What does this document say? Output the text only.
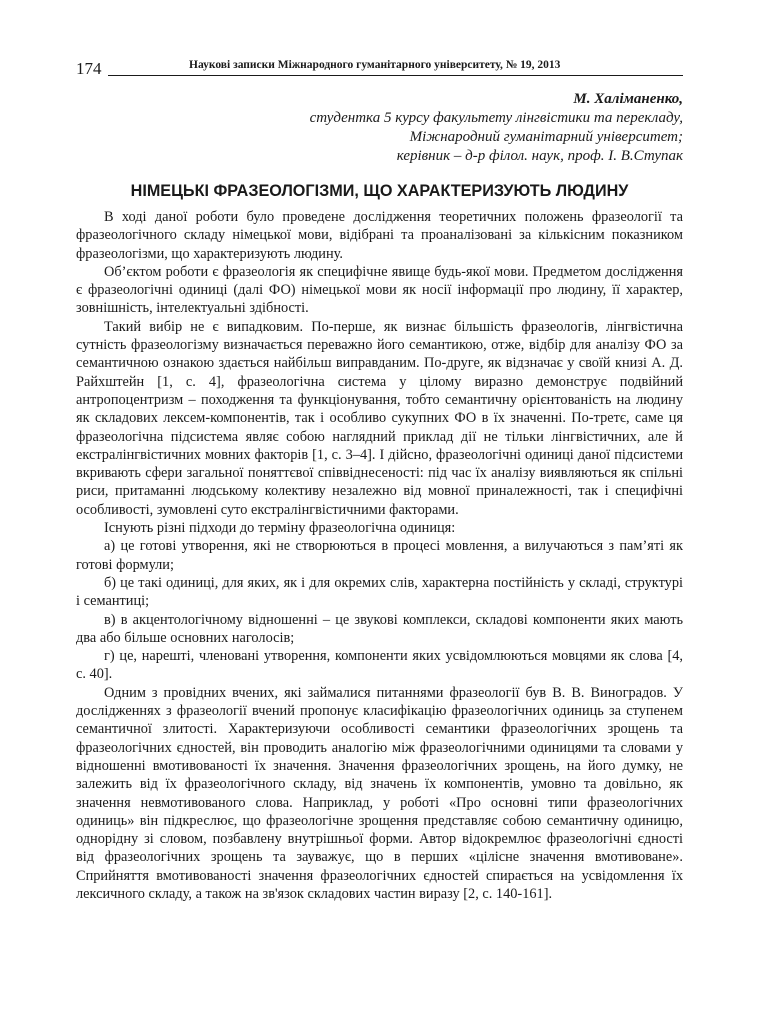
174	Наукові записки Міжнародного гуманітарного університету, № 19, 2013
М. Халіманенко,
студентка 5 курсу факультету лінгвістики та перекладу,
Міжнародний гуманітарний університет;
керівник – д-р філол. наук, проф. І. В.Ступак
НІМЕЦЬКІ ФРАЗЕОЛОГІЗМИ, ЩО ХАРАКТЕРИЗУЮТЬ ЛЮДИНУ

В ході даної роботи було проведене дослідження теоретичних положень фразеології та фразеологічного складу німецької мови, відібрані та проаналізовані за кількісним показником фразеологізми, що характеризують людину.

Об’єктом роботи є фразеологія як специфічне явище будь-якої мови. Предметом дослідження є фразеологічні одиниці (далі ФО) німецької мови як носії інформації про людину, її характер, зовнішність, інтелектуальні здібності.

Такий вибір не є випадковим. По-перше, як визнає більшість фразеологів, лінгвістична сутність фразеологізму визначається переважно його семантикою, отже, відбір для аналізу ФО за семантичною ознакою здається найбільш виправданим. По-друге, як відзначає у своїй книзі А. Д. Райхштейн [1, с. 4], фразеологічна система у цілому виразно демонструє подвійний антропоцентризм – походження та функціонування, тобто семантичну орієнтованість на людину як складових лексем-компонентів, так і особливо сукупних ФО в їх значенні. По-третє, саме ця фразеологічна підсистема являє собою наглядний приклад дії не тільки лінгвістичних, але й екстралінгвістичних мовних факторів [1, с. 3–4]. І дійсно, фразеологічні одиниці даної підсистеми вкривають сфери загальної поняттєвої співвіднесеності: під час їх аналізу виявляються як спільні риси, притаманні людському колективу незалежно від мовної приналежності, так і специфічні особливості, зумовлені суто екстралінгвістичними факторами.

Існують різні підходи до терміну фразеологічна одиниця:

а) це готові утворення, які не створюються в процесі мовлення, а вилучаються з пам’яті як готові формули;

б) це такі одиниці, для яких, як і для окремих слів, характерна постійність у складі, структурі і семантиці;

в) в акцентологічному відношенні – це звукові комплекси, складові компоненти яких мають два або більше основних наголосів;

г) це, нарешті, членовані утворення, компоненти яких усвідомлюються мовцями як слова [4, с. 40].

Одним з провідних вчених, які займалися питаннями фразеології був В. В. Виноградов. У дослідженнях з фразеології вчений пропонує класифікацію фразеологічних одиниць за ступенем семантичної злитості. Характеризуючи особливості семантики фразеологічних зрощень та фразеологічних єдностей, він проводить аналогію між фразеологічними одиницями та словами у відношенні вмотивованості їх значення. Значення фразеологічних зрощень, на його думку, не залежить від їх фразеологічного складу, від значень їх компонентів, умовно та довільно, як значення невмотивованого слова. Наприклад, у роботі «Про основні типи фразеологічних одиниць» він підкреслює, що фразеологічне зрощення представляє собою семантичну одиницю, однорідну зі словом, позбавлену внутрішньої форми. Автор відокремлює фразеологічні єдності від фразеологічних зрощень та зауважує, що в перших «цілісне значення вмотивоване». Сприйняття вмотивованості значення фразеологічних єдностей спирається на усвідомлення їх лексичного складу, а також на зв'язок складових частин виразу [2, с. 140-161].
